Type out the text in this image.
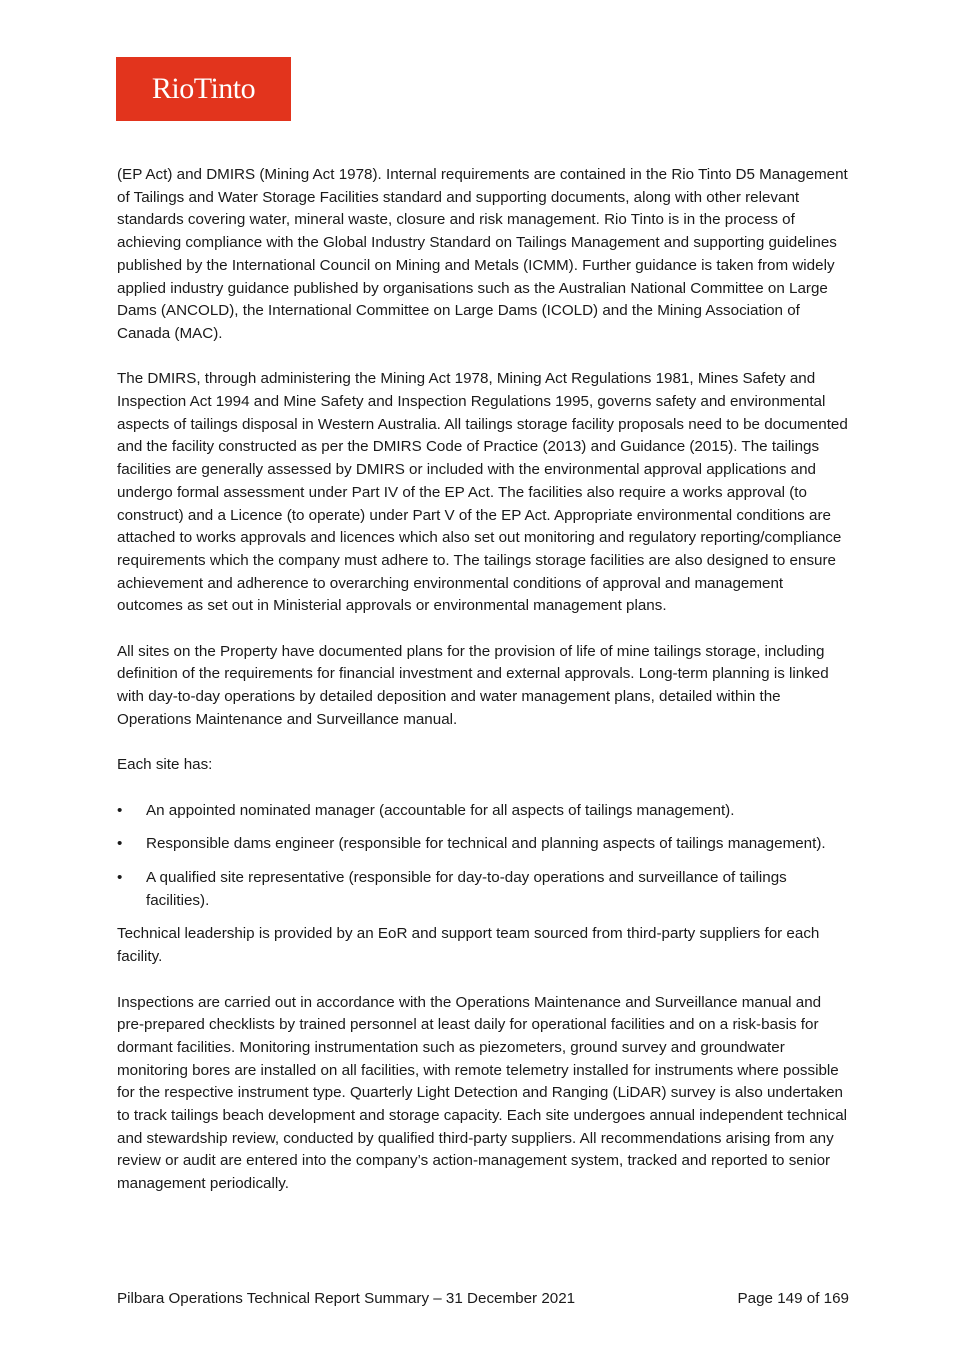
RioTinto

(EP Act) and DMIRS (Mining Act 1978). Internal requirements are contained in the Rio Tinto D5 Management of Tailings and Water Storage Facilities standard and supporting documents, along with other relevant standards covering water, mineral waste, closure and risk management. Rio Tinto is in the process of achieving compliance with the Global Industry Standard on Tailings Management and supporting guidelines published by the International Council on Mining and Metals (ICMM). Further guidance is taken from widely applied industry guidance published by organisations such as the Australian National Committee on Large Dams (ANCOLD), the International Committee on Large Dams (ICOLD) and the Mining Association of Canada (MAC).

The DMIRS, through administering the Mining Act 1978, Mining Act Regulations 1981, Mines Safety and Inspection Act 1994 and Mine Safety and Inspection Regulations 1995, governs safety and environmental aspects of tailings disposal in Western Australia. All tailings storage facility proposals need to be documented and the facility constructed as per the DMIRS Code of Practice (2013) and Guidance (2015). The tailings facilities are generally assessed by DMIRS or included with the environmental approval applications and undergo formal assessment under Part IV of the EP Act. The facilities also require a works approval (to construct) and a Licence (to operate) under Part V of the EP Act. Appropriate environmental conditions are attached to works approvals and licences which also set out monitoring and regulatory reporting/compliance requirements which the company must adhere to. The tailings storage facilities are also designed to ensure achievement and adherence to overarching environmental conditions of approval and management outcomes as set out in Ministerial approvals or environmental management plans.

All sites on the Property have documented plans for the provision of life of mine tailings storage, including definition of the requirements for financial investment and external approvals. Long-term planning is linked with day-to-day operations by detailed deposition and water management plans, detailed within the Operations Maintenance and Surveillance manual.

Each site has:

•	An appointed nominated manager (accountable for all aspects of tailings management).
•	Responsible dams engineer (responsible for technical and planning aspects of tailings management).
•	A qualified site representative (responsible for day-to-day operations and surveillance of tailings facilities).

Technical leadership is provided by an EoR and support team sourced from third-party suppliers for each facility.

Inspections are carried out in accordance with the Operations Maintenance and Surveillance manual and pre-prepared checklists by trained personnel at least daily for operational facilities and on a risk-basis for dormant facilities. Monitoring instrumentation such as piezometers, ground survey and groundwater monitoring bores are installed on all facilities, with remote telemetry installed for instruments where possible for the respective instrument type. Quarterly Light Detection and Ranging (LiDAR) survey is also undertaken to track tailings beach development and storage capacity. Each site undergoes annual independent technical and stewardship review, conducted by qualified third-party suppliers. All recommendations arising from any review or audit are entered into the company’s action-management system, tracked and reported to senior management periodically.

Pilbara Operations Technical Report Summary – 31 December 2021	Page 149 of 169
